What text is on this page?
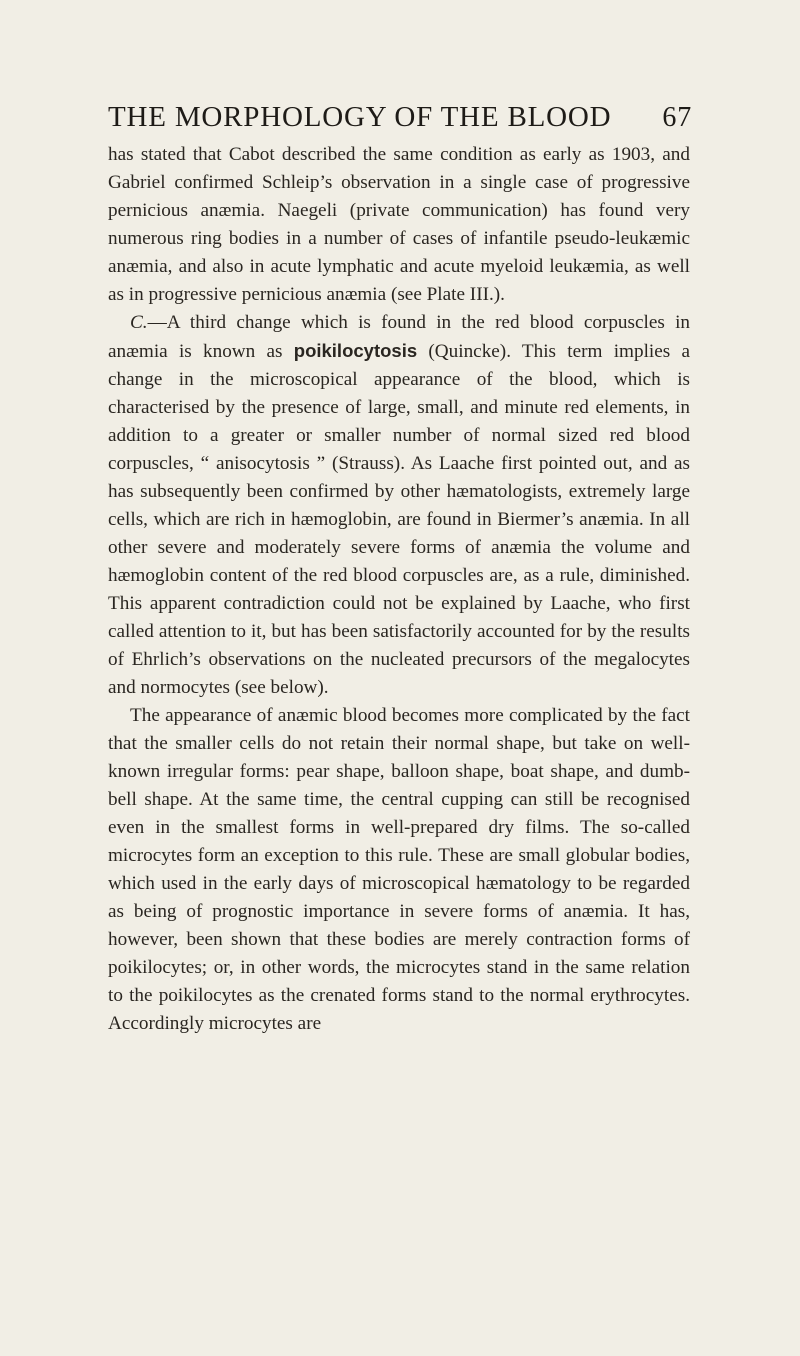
THE MORPHOLOGY OF THE BLOOD 67

has stated that Cabot described the same condition as early as 1903, and Gabriel confirmed Schleip’s observation in a single case of progressive pernicious anæmia. Naegeli (private communication) has found very numerous ring bodies in a number of cases of infantile pseudo-leukæmic anæmia, and also in acute lymphatic and acute myeloid leukæmia, as well as in progressive pernicious anæmia (see Plate III.).

C.—A third change which is found in the red blood corpuscles in anæmia is known as poikilocytosis (Quincke). This term implies a change in the microscopical appearance of the blood, which is characterised by the presence of large, small, and minute red elements, in addition to a greater or smaller number of normal sized red blood corpuscles, “ anisocytosis ” (Strauss). As Laache first pointed out, and as has subsequently been confirmed by other hæmatologists, extremely large cells, which are rich in hæmoglobin, are found in Biermer’s anæmia. In all other severe and moderately severe forms of anæmia the volume and hæmoglobin content of the red blood corpuscles are, as a rule, diminished. This apparent contradiction could not be explained by Laache, who first called attention to it, but has been satisfactorily accounted for by the results of Ehrlich’s observations on the nucleated precursors of the megalocytes and normocytes (see below).

The appearance of anæmic blood becomes more complicated by the fact that the smaller cells do not retain their normal shape, but take on well-known irregular forms: pear shape, balloon shape, boat shape, and dumb-bell shape. At the same time, the central cupping can still be recognised even in the smallest forms in well-prepared dry films. The so-called microcytes form an exception to this rule. These are small globular bodies, which used in the early days of microscopical hæmatology to be regarded as being of prognostic importance in severe forms of anæmia. It has, however, been shown that these bodies are merely contraction forms of poikilocytes; or, in other words, the microcytes stand in the same relation to the poikilocytes as the crenated forms stand to the normal erythrocytes. Accordingly microcytes are
